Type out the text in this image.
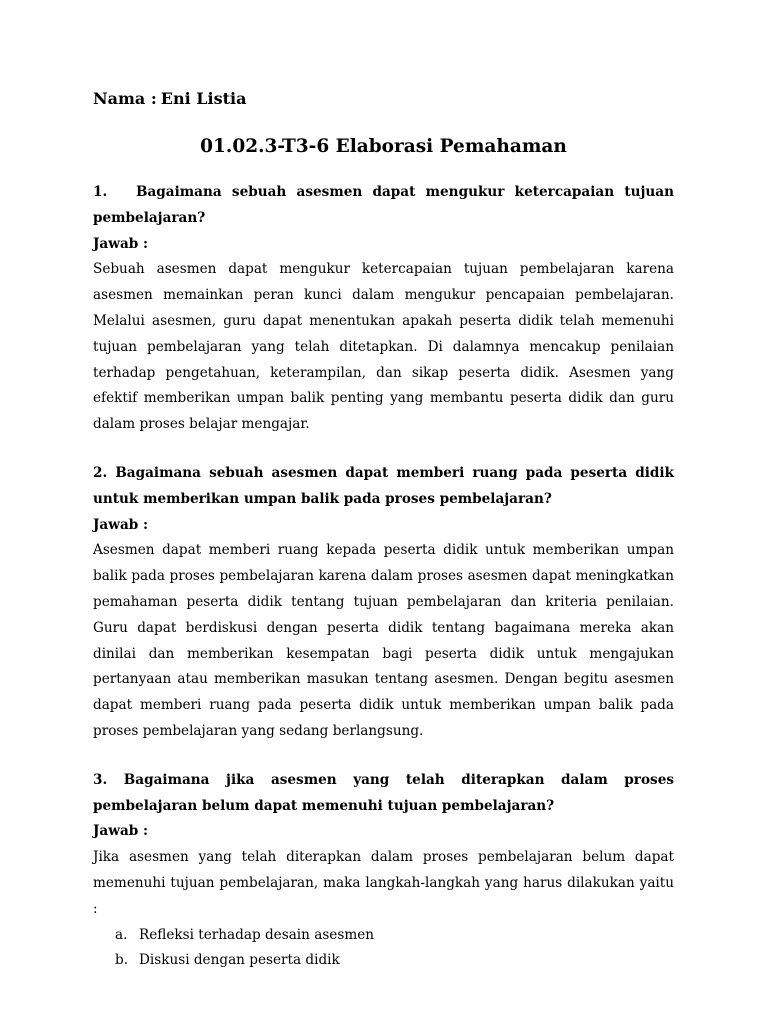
Nama : Eni Listia

01.02.3-T3-6 Elaborasi Pemahaman

1. Bagaimana sebuah asesmen dapat mengukur ketercapaian tujuan pembelajaran?

Jawab :

Sebuah asesmen dapat mengukur ketercapaian tujuan pembelajaran karena asesmen memainkan peran kunci dalam mengukur pencapaian pembelajaran. Melalui asesmen, guru dapat menentukan apakah peserta didik telah memenuhi tujuan pembelajaran yang telah ditetapkan. Di dalamnya mencakup penilaian terhadap pengetahuan, keterampilan, dan sikap peserta didik. Asesmen yang efektif memberikan umpan balik penting yang membantu peserta didik dan guru dalam proses belajar mengajar.

2. Bagaimana sebuah asesmen dapat memberi ruang pada peserta didik untuk memberikan umpan balik pada proses pembelajaran?

Jawab :

Asesmen dapat memberi ruang kepada peserta didik untuk memberikan umpan balik pada proses pembelajaran karena dalam proses asesmen dapat meningkatkan pemahaman peserta didik tentang tujuan pembelajaran dan kriteria penilaian. Guru dapat berdiskusi dengan peserta didik tentang bagaimana mereka akan dinilai dan memberikan kesempatan bagi peserta didik untuk mengajukan pertanyaan atau memberikan masukan tentang asesmen. Dengan begitu asesmen dapat memberi ruang pada peserta didik untuk memberikan umpan balik pada proses pembelajaran yang sedang berlangsung.

3. Bagaimana jika asesmen yang telah diterapkan dalam proses pembelajaran belum dapat memenuhi tujuan pembelajaran?

Jawab :

Jika asesmen yang telah diterapkan dalam proses pembelajaran belum dapat memenuhi tujuan pembelajaran, maka langkah-langkah yang harus dilakukan yaitu :

a. Refleksi terhadap desain asesmen
b. Diskusi dengan peserta didik
